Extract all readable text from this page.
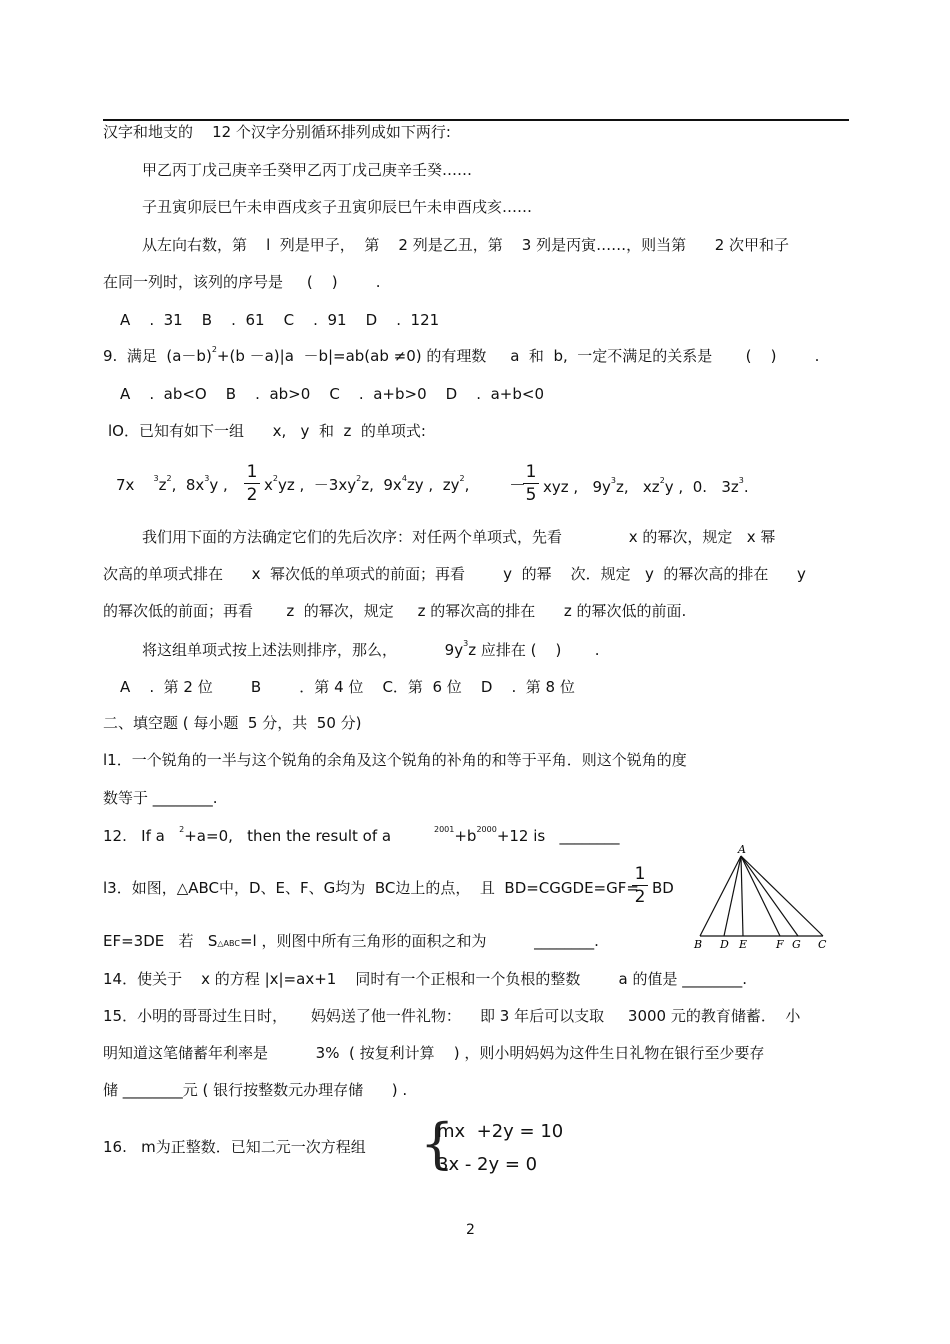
汉字和地支的    12 个汉字分别循环排列成如下两行:
甲乙丙丁戊己庚辛壬癸甲乙丙丁戊己庚辛壬癸……
子丑寅卯辰巳午未申酉戌亥子丑寅卯辰巳午未申酉戌亥……
从左向右数，第    l  列是甲子，  第    2 列是乙丑，第    3 列是丙寅……，则当第      2 次甲和子
在同一列时，该列的序号是     (    )        .
A    .  31    B    .  61    C    .  91    D    .  121
9.  满足  $(a-b)^2+(b -a)|a -b|=ab(ab \ne 0)$ 的有理数     a  和  b,  一定不满足的关系是       (    )        .
A    .  ab<O    B    .  ab>0    C    .  a+b>0    D    .  a+b<0
lO．已知有如下一组      x,   y  和  z  的单项式:
7x $^3z^2$,  $8x^3y$ ,
1
2 $x^2yz$ ,  $-3xy^2z$,  $9x^4zy$ ,  $zy^2$, －
1
5 xyz ,   $9y^3z$,   $xz^2y$ ,  0.   $3z^3$.
我们用下面的方法确定它们的先后次序：对任两个单项式，先看              x 的幂次，规定   x 幂
次高的单项式排在      x  幂次低的单项式的前面；再看        y  的幂    次．规定   y  的幂次高的排在      y
的幂次低的前面；再看       z  的幂次，规定     z 的幂次高的排在      z 的幂次低的前面.
将这组单项式按上述法则排序，那么，          $9y^3z$ 应排在 (    )       .
A    .  第 2 位        B        ．第 4 位    C．第  6 位    D    .  第 8 位
二、填空题 ( 每小题  5 分，共  50 分)
l1．一个锐角的一半与这个锐角的余角及这个锐角的补角的和等于平角．则这个锐角的度
数等于 ________.
12.   If a   $^2$+a=0,   then the result of a         $^{2001}+b^{2000}+12$ is   ________
l3．如图，△ABC中，D、E、F、G均为  BC边上的点，  且  BD=CGGDE=GF=
1
2 BD
EF=3DE   若   S△ABC=l ，则图中所有三角形的面积之和为          ________.
A
B D E	F G C
14．使关于    x 的方程 |x|=ax+1    同时有一个正根和一个负根的整数        a 的值是 ________.
15．小明的哥哥过生日时，     妈妈送了他一件礼物：    即 3 年后可以支取     3000 元的教育储蓄．  小
明知道这笔储蓄年利率是          3%  ( 按复利计算    ) ，则小明妈妈为这件生日礼物在银行至少要存
储 ________元 ( 银行按整数元办理存储      ) .
16.   m为正整数．已知二元一次方程组 {
mx  +2y = 10
3x - 2y = 0
2
